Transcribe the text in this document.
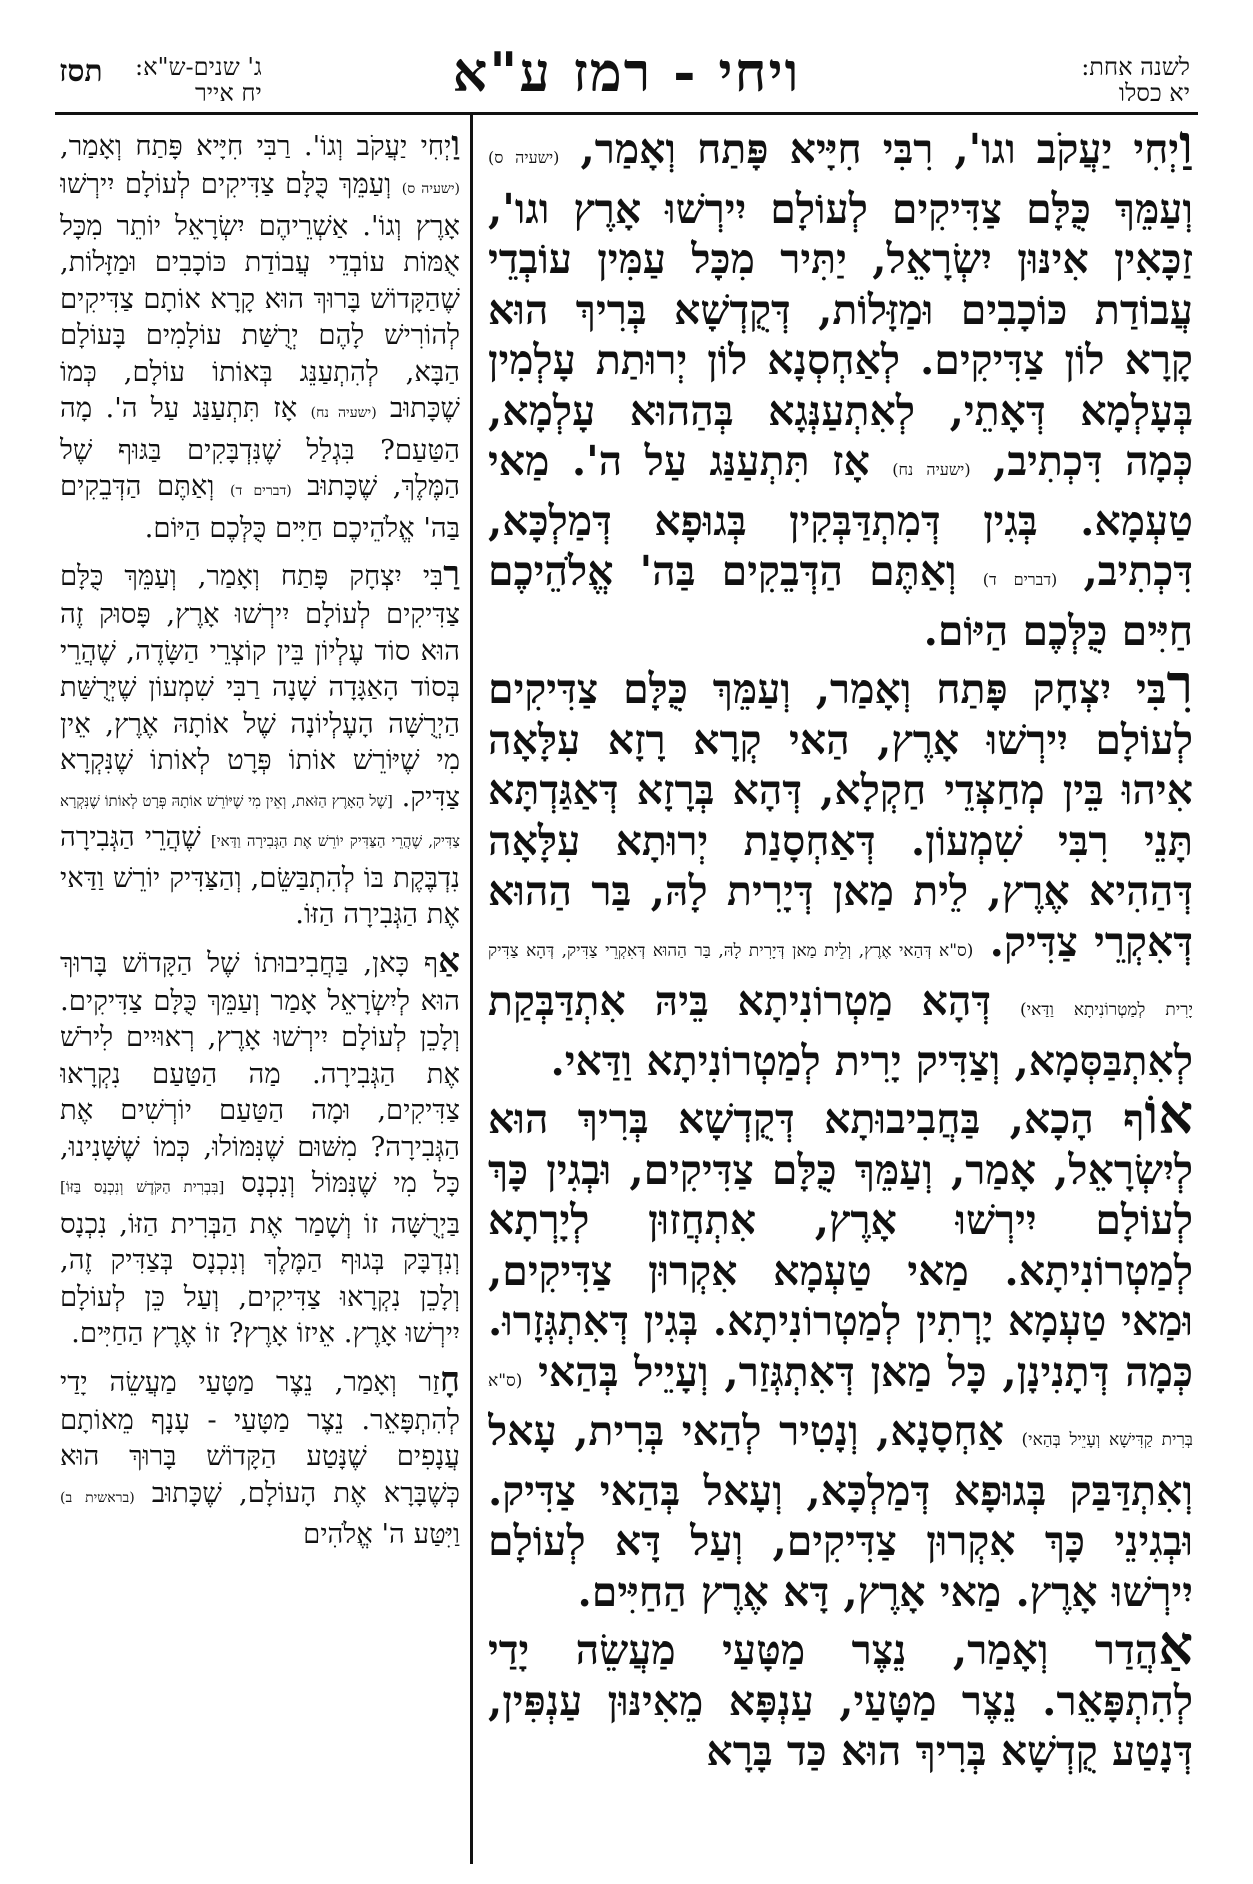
לשנה אחת:
יא כסלו
ויחי - רמז ע"א
ג' שנים-ש"א:
יח אייר
תסז

וַיְחִי יַעֲקֹב וגו', רִבִּי חִיָּיא פָּתַח וְאָמַר, (ישעיה ס) וְעַמֵּךְ כֻּלָּם צַדִּיקִים לְעוֹלָם יִירְשׁוּ אָרֶץ וגו', זַכָּאִין אִינּוּן יִשְׂרָאֵל, יַתִּיר מִכָּל עַמִּין עוֹבְדֵי עֲבוֹדַת כּוֹכָבִים וּמַזָּלוֹת, דְּקֻדְשָׁא בְּרִיךְ הוּא קָרָא לוֹן צַדִּיקִים. לְאַחְסְנָא לוֹן יְרוּתַת עָלְמִין בְּעָלְמָא דְּאָתֵי, לְאִתְעַנְּגָא בְּהַהוּא עָלְמָא, כְּמָה דִּכְתִיב, (ישעיה נח) אָז תִּתְעַנַּג עַל ה'. מַאי טַעְמָא. בְּגִין דְּמִתְדַּבְּקִין בְּגוּפָא דְּמַלְכָּא, דִּכְתִיב, (דברים ד) וְאַתֶּם הַדְּבֵקִים בַּה' אֱלֹהֵיכֶם חַיִּים כֻּלְּכֶם הַיּוֹם.

רִבִּי יִצְחָק פָּתַח וְאָמַר, וְעַמֵּךְ כֻּלָּם צַדִּיקִים לְעוֹלָם יִירְשׁוּ אָרֶץ, הַאי קְרָא רָזָא עִלָּאָה אִיהוּ בֵּין מְחַצְּדֵי חַקְלָא, דְּהָא בְּרָזָא דְּאַגַּדְתָּא תָּנֵי רִבִּי שִׁמְעוֹן. דְּאַחְסָנַת יְרוּתָא עִלָּאָה דְּהַהִיא אֶרֶץ, לֵית מַאן דְּיָרִית לָהּ, בַּר הַהוּא דְּאִקְרֵי צַדִּיק. (ס"א דְּהַאי אֶרֶץ, וְלֵית מַאן דְּיָרִית לָהּ, בַּר הַהוּא דְּאִקְרֵי צַדִּיק, דְּהָא צַדִּיק יָרִית לְמַטְרוֹנִיתָא וַדַּאי) דְּהָא מַטְרוֹנִיתָא בֵּיהּ אִתְדַּבְּקַת לְאִתְבַּסְּמָא, וְצַדִּיק יָרִית לְמַטְרוֹנִיתָא וַדַּאי.

אוֹף הָכָא, בַּחֲבִיבוּתָא דְּקֻדְשָׁא בְּרִיךְ הוּא לְיִשְׂרָאֵל, אָמַר, וְעַמֵּךְ כֻּלָּם צַדִּיקִים, וּבְגִין כָּךְ לְעוֹלָם יִירְשׁוּ אָרֶץ, אִתְחֲזוּן לְיָרְתָא לְמַטְרוֹנִיתָא. מַאי טַעְמָא אִקְרוּן צַדִּיקִים, וּמַאי טַעְמָא יָרְתִין לְמַטְרוֹנִיתָא. בְּגִין דְּאִתְגְּזָרוּ. כְּמָה דְּתָנִינָן, כָּל מַאן דְּאִתְגְּזַר, וְעָיֵיל בְּהַאי (ס"א בְּרִית קַדִּישָׁא וְעָיֵיל בְּהַאי) אַחְסָנָא, וְנָטִיר לְהַאי בְּרִית, עָאל וְאִתְדַּבַּק בְּגוּפָא דְּמַלְכָּא, וְעָאל בְּהַאי צַדִּיק. וּבְגִינֵי כָּךְ אִקְרוּן צַדִּיקִים, וְעַל דָּא לְעוֹלָם יִירְשׁוּ אָרֶץ. מַאי אָרֶץ, דָּא אֶרֶץ הַחַיִּים.

אַהֲדַר וְאָמַר, נֵצֶר מַטָּעַי מַעֲשֵׂה יָדַי לְהִתְפָּאֵר. נֵצֶר מַטָּעַי, עַנְפָּא מֵאִינּוּן עַנְפִּין, דְּנָטַע קֻדְשָׁא בְּרִיךְ הוּא כַּד בָּרָא

וַיְחִי יַעֲקֹב וְגוֹ'. רַבִּי חִיָּיא פָּתַח וְאָמַר, (ישעיה ס) וְעַמֵּךְ כֻּלָּם צַדִּיקִים לְעוֹלָם יִירְשׁוּ אָרֶץ וְגוֹ'. אַשְׁרֵיהֶם יִשְׂרָאֵל יוֹתֵר מִכָּל אֻמּוֹת עוֹבְדֵי עֲבוֹדַת כּוֹכָבִים וּמַזָּלוֹת, שֶׁהַקָּדוֹשׁ בָּרוּךְ הוּא קָרָא אוֹתָם צַדִּיקִים לְהוֹרִישׁ לָהֶם יְרֻשַּׁת עוֹלָמִים בָּעוֹלָם הַבָּא, לְהִתְעַנֵּג בְּאוֹתוֹ עוֹלָם, כְּמוֹ שֶׁכָּתוּב (ישעיה נח) אָז תִּתְעַנַּג עַל ה'. מָה הַטַּעַם? בִּגְלַל שֶׁנִּדְבָּקִים בַּגּוּף שֶׁל הַמֶּלֶךְ, שֶׁכָּתוּב (דברים ד) וְאַתֶּם הַדְּבֵקִים בַּה' אֱלֹהֵיכֶם חַיִּים כֻּלְּכֶם הַיּוֹם.

רַבִּי יִצְחָק פָּתַח וְאָמַר, וְעַמֵּךְ כֻּלָּם צַדִּיקִים לְעוֹלָם יִירְשׁוּ אָרֶץ, פָּסוּק זֶה הוּא סוֹד עֶלְיוֹן בֵּין קוֹצְרֵי הַשָּׂדֶה, שֶׁהֲרֵי בְּסוֹד הָאַגָּדָה שָׁנָה רַבִּי שִׁמְעוֹן שֶׁיְּרֻשַּׁת הַיְרֻשָּׁה הָעֶלְיוֹנָה שֶׁל אוֹתָהּ אֶרֶץ, אֵין מִי שֶׁיּוֹרֵשׁ אוֹתוֹ פְּרָט לְאוֹתוֹ שֶׁנִּקְרָא צַדִּיק. [שֶׁל הָאָרֶץ הַזֹּאת, וְאֵין מִי שֶׁיּוֹרֵשׁ אוֹתָהּ פְּרָט לְאוֹתוֹ שֶׁנִּקְרָא צַדִּיק, שֶׁהֲרֵי הַצַּדִּיק יוֹרֵשׁ אֶת הַגְּבִירָה וַדַּאי] שֶׁהֲרֵי הַגְּבִירָה נִדְבֶּקֶת בּוֹ לְהִתְבַּשֵּׂם, וְהַצַּדִּיק יוֹרֵשׁ וַדַּאי אֶת הַגְּבִירָה הַזּוֹ.

אַף כָּאן, בַּחֲבִיבוּתוֹ שֶׁל הַקָּדוֹשׁ בָּרוּךְ הוּא לְיִשְׂרָאֵל אָמַר וְעַמֵּךְ כֻּלָּם צַדִּיקִים. וְלָכֵן לְעוֹלָם יִירְשׁוּ אָרֶץ, רְאוּיִים לִירֹשׁ אֶת הַגְּבִירָה. מַה הַטַּעַם נִקְרָאוּ צַדִּיקִים, וּמָה הַטַּעַם יוֹרְשִׁים אֶת הַגְּבִירָה? מִשּׁוּם שֶׁנִּמּוֹלוּ, כְּמוֹ שֶׁשָּׁנִינוּ, כָּל מִי שֶׁנִּמּוֹל וְנִכְנָס [בִּבְרִית הַקֹּדֶשׁ וְנִכְנַס בַּזּוֹ] בַּיְרֻשָּׁה זוֹ וְשָׁמַר אֶת הַבְּרִית הַזּוֹ, נִכְנָס וְנִדְבָּק בְּגוּף הַמֶּלֶךְ וְנִכְנָס בְּצַדִּיק זֶה, וְלָכֵן נִקְרָאוּ צַדִּיקִים, וְעַל כֵּן לְעוֹלָם יִירְשׁוּ אָרֶץ. אֵיזוֹ אָרֶץ? זוֹ אֶרֶץ הַחַיִּים.

חָזַר וְאָמַר, נֵצֶר מַטָּעַי מַעֲשֵׂה יָדַי לְהִתְפָּאֵר. נֵצֶר מַטָּעַי - עָנָף מֵאוֹתָם עֲנָפִים שֶׁנָּטַע הַקָּדוֹשׁ בָּרוּךְ הוּא כְּשֶׁבָּרָא אֶת הָעוֹלָם, שֶׁכָּתוּב (בראשית ב) וַיִּטַּע ה' אֱלֹהִים
